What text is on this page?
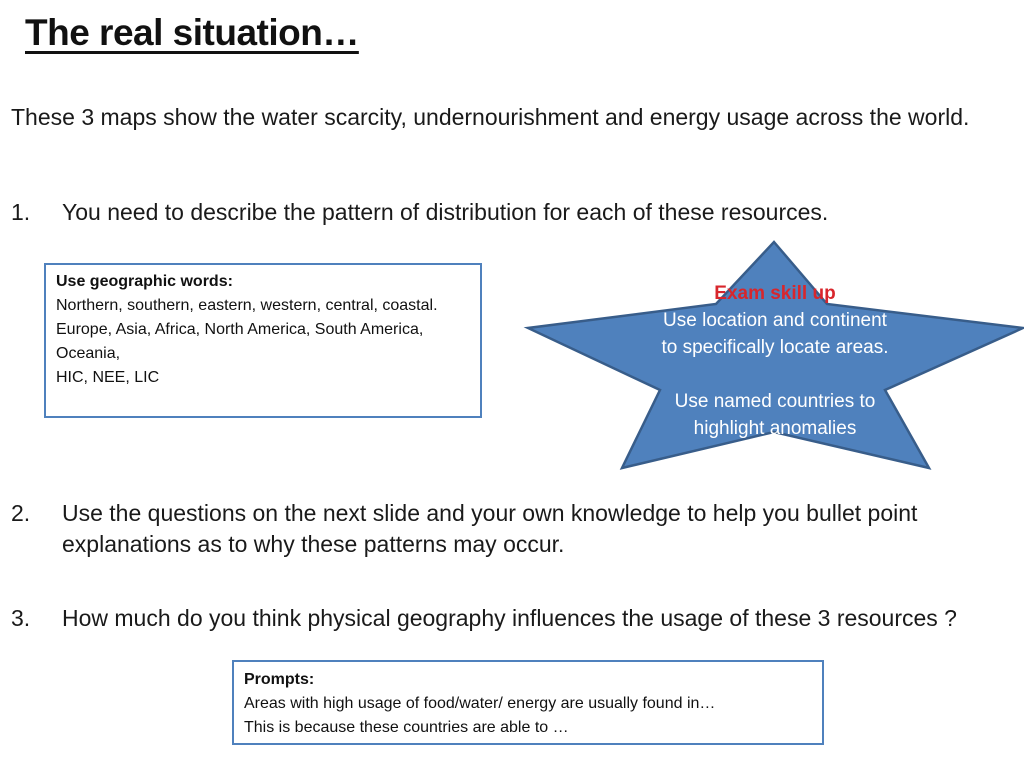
The real situation…

These 3 maps show the water scarcity, undernourishment and energy usage across the world.

1. You need to describe the pattern of distribution for each of these resources.
Use geographic words:
Northern, southern, eastern, western, central, coastal.
Europe, Asia, Africa, North America, South America, Oceania,
HIC, NEE, LIC
Exam skill up
Use location and continent
to specifically locate areas.
Use named countries to
highlight anomalies
2. Use the questions on the next slide and your own knowledge to help you bullet point explanations as to why these patterns may occur.
3. How much do you think physical geography influences the usage of these 3 resources ?
Prompts:
Areas with high usage of food/water/ energy are usually found in…
This is because these countries are able to …
